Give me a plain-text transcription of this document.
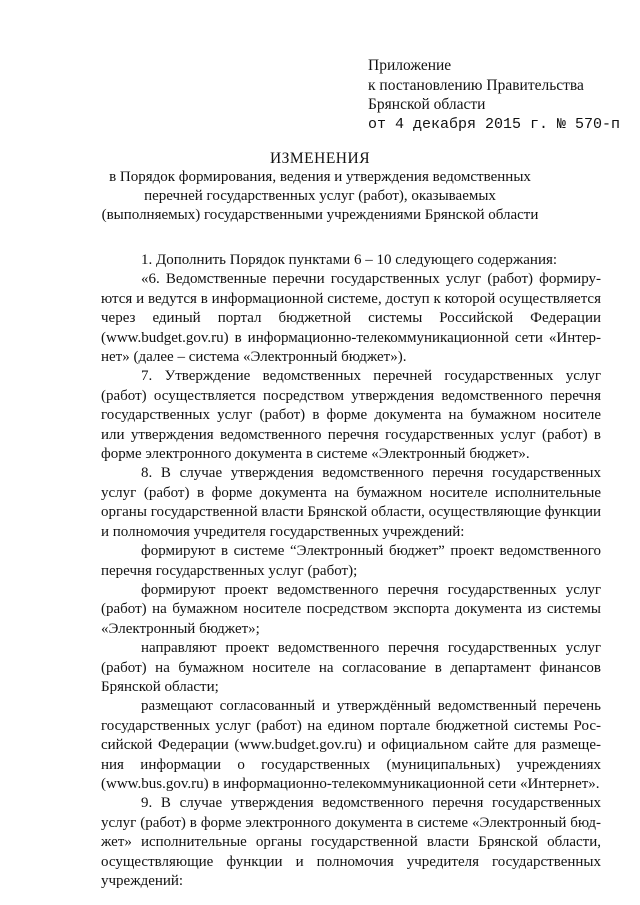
Приложение
к постановлению Правительства
Брянской области
от 4 декабря 2015 г. № 570-п
ИЗМЕНЕНИЯ
в Порядок формирования, ведения и утверждения ведомственных перечней государственных услуг (работ), оказываемых (выполняемых) государственными учреждениями Брянской области

1. Дополнить Порядок пунктами 6 – 10 следующего содержания:

«6. Ведомственные перечни государственных услуг (работ) формируются и ведутся в информационной системе, доступ к которой осуществляется через единый портал бюджетной системы Российской Федерации (www.budget.gov.ru) в информационно-телекоммуникационной сети «Интернет» (далее – система «Электронный бюджет»).

7. Утверждение ведомственных перечней государственных услуг (работ) осуществляется посредством утверждения ведомственного перечня государственных услуг (работ) в форме документа на бумажном носителе или утверждения ведомственного перечня государственных услуг (работ) в форме электронного документа в системе «Электронный бюджет».

8. В случае утверждения ведомственного перечня государственных услуг (работ) в форме документа на бумажном носителе исполнительные органы государственной власти Брянской области, осуществляющие функции и полномочия учредителя государственных учреждений:

формируют в системе “Электронный бюджет” проект ведомственного перечня государственных услуг (работ);

формируют проект ведомственного перечня государственных услуг (работ) на бумажном носителе посредством экспорта документа из системы «Электронный бюджет»;

направляют проект ведомственного перечня государственных услуг (работ) на бумажном носителе на согласование в департамент финансов Брянской области;

размещают согласованный и утверждённый ведомственный перечень государственных услуг (работ) на едином портале бюджетной системы Российской Федерации (www.budget.gov.ru) и официальном сайте для размещения информации о государственных (муниципальных) учреждениях (www.bus.gov.ru) в информационно-телекоммуникационной сети «Интернет».

9. В случае утверждения ведомственного перечня государственных услуг (работ) в форме электронного документа в системе «Электронный бюджет» исполнительные органы государственной власти Брянской области, осуществляющие функции и полномочия учредителя государственных учреждений:
